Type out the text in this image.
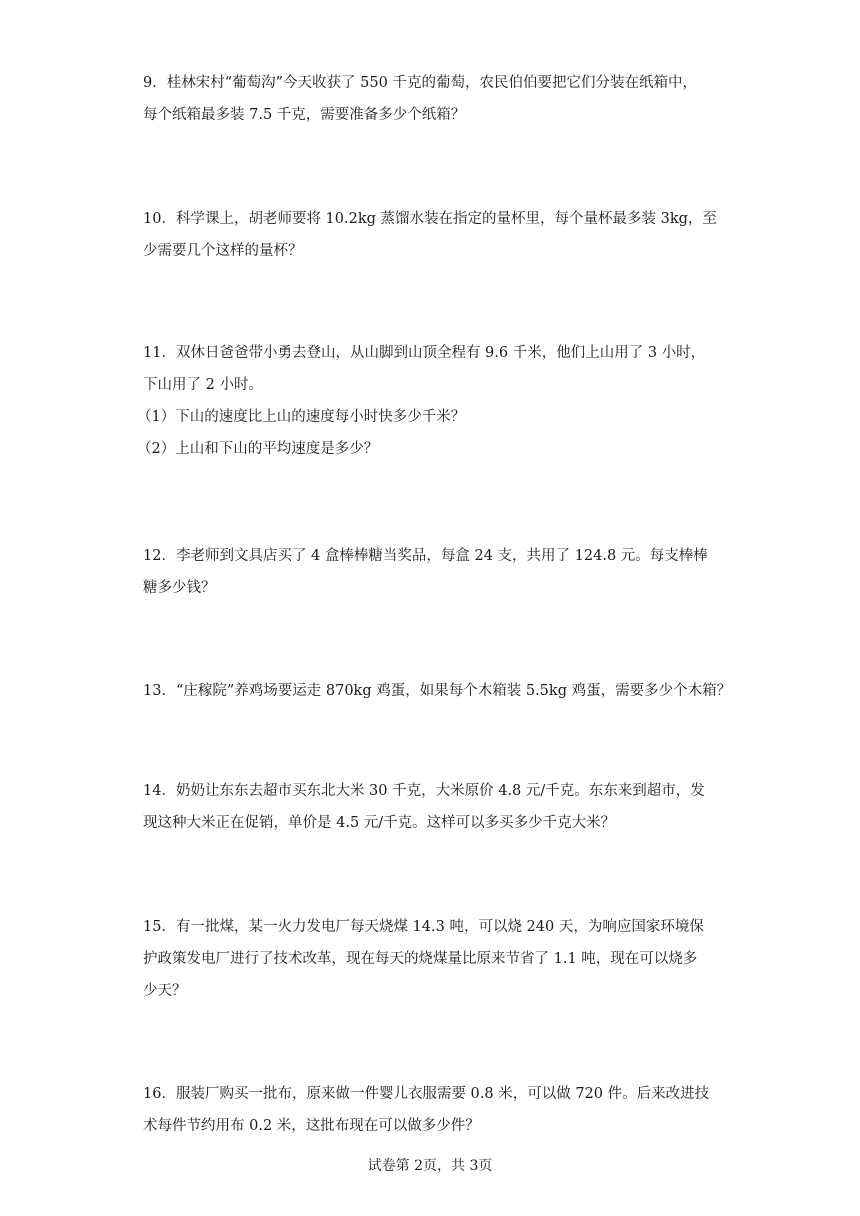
9．桂林宋村“葡萄沟”今天收获了 550 千克的葡萄，农民伯伯要把它们分装在纸箱中，
每个纸箱最多装 7.5 千克，需要准备多少个纸箱？
10．科学课上，胡老师要将 10.2kg 蒸馏水装在指定的量杯里，每个量杯最多装 3kg，至
少需要几个这样的量杯？
11．双休日爸爸带小勇去登山，从山脚到山顶全程有 9.6 千米，他们上山用了 3 小时，
下山用了 2 小时。
（1）下山的速度比上山的速度每小时快多少千米？
（2）上山和下山的平均速度是多少？
12．李老师到文具店买了 4 盒棒棒糖当奖品，每盒 24 支，共用了 124.8 元。每支棒棒
糖多少钱？
13．“庄稼院”养鸡场要运走 870kg 鸡蛋，如果每个木箱装 5.5kg 鸡蛋，需要多少个木箱？
14．奶奶让东东去超市买东北大米 30 千克，大米原价 4.8 元/千克。东东来到超市，发
现这种大米正在促销，单价是 4.5 元/千克。这样可以多买多少千克大米？
15．有一批煤，某一火力发电厂每天烧煤 14.3 吨，可以烧 240 天，为响应国家环境保
护政策发电厂进行了技术改革，现在每天的烧煤量比原来节省了 1.1 吨，现在可以烧多
少天？
16．服装厂购买一批布，原来做一件婴儿衣服需要 0.8 米，可以做 720 件。后来改进技
术每件节约用布 0.2 米，这批布现在可以做多少件？
试卷第 2页，共 3页
